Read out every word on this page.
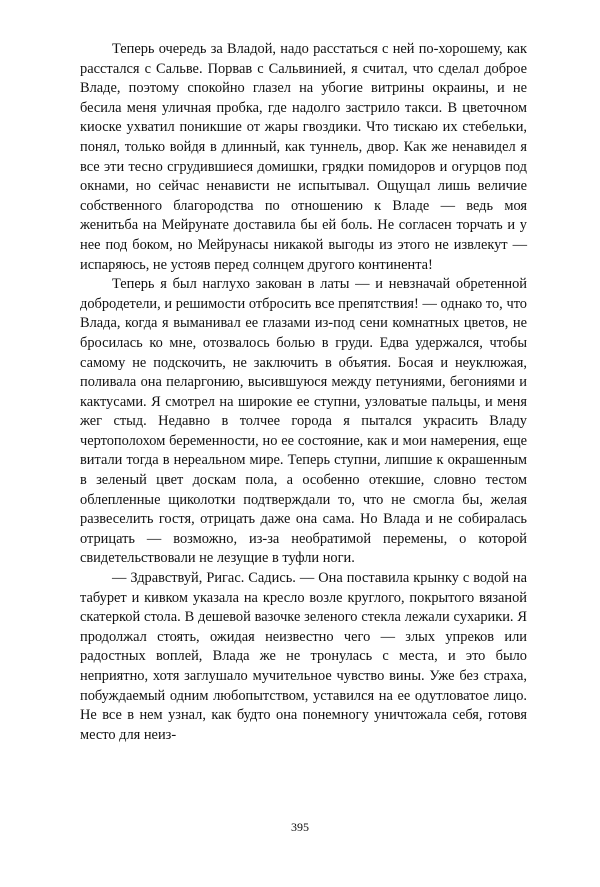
Теперь очередь за Владой, надо расстаться с ней по-хорошему, как расстался с Сальве. Порвав с Сальвинией, я считал, что сделал доброе Владе, поэтому спокойно глазел на убогие витрины окраины, и не бесила меня уличная пробка, где надолго застрило такси. В цветочном киоске ухватил поникшие от жары гвоздики. Что тискаю их стебельки, понял, только войдя в длинный, как туннель, двор. Как же ненавидел я все эти тесно сгрудившиеся домишки, грядки помидоров и огурцов под окнами, но сейчас ненависти не испытывал. Ощущал лишь величие собственного благородства по отношению к Владе — ведь моя женитьба на Мейрунате доставила бы ей боль. Не согласен торчать и у нее под боком, но Мейрунасы никакой выгоды из этого не извлекут — испаряюсь, не устояв перед солнцем другого континента!

Теперь я был наглухо закован в латы — и невзначай обретенной добродетели, и решимости отбросить все препятствия! — однако то, что Влада, когда я выманивал ее глазами из-под сени комнатных цветов, не бросилась ко мне, отозвалось болью в груди. Едва удержался, чтобы самому не подскочить, не заключить в объятия. Босая и неуклюжая, поливала она пеларгонию, высившуюся между петуниями, бегониями и кактусами. Я смотрел на широкие ее ступни, узловатые пальцы, и меня жег стыд. Недавно в толчее города я пытался украсить Владу чертополохом беременности, но ее состояние, как и мои намерения, еще витали тогда в нереальном мире. Теперь ступни, липшие к окрашенным в зеленый цвет доскам пола, а особенно отекшие, словно тестом облепленные щиколотки подтверждали то, что не смогла бы, желая развеселить гостя, отрицать даже она сама. Но Влада и не собиралась отрицать — возможно, из-за необратимой перемены, о которой свидетельствовали не лезущие в туфли ноги.

— Здравствуй, Ригас. Садись. — Она поставила крынку с водой на табурет и кивком указала на кресло возле круглого, покрытого вязаной скатеркой стола. В дешевой вазочке зеленого стекла лежали сухарики. Я продолжал стоять, ожидая неизвестно чего — злых упреков или радостных воплей, Влада же не тронулась с места, и это было неприятно, хотя заглушало мучительное чувство вины. Уже без страха, побуждаемый одним любопытством, уставился на ее одутловатое лицо. Не все в нем узнал, как будто она понемногу уничтожала себя, готовя место для неиз-

395
